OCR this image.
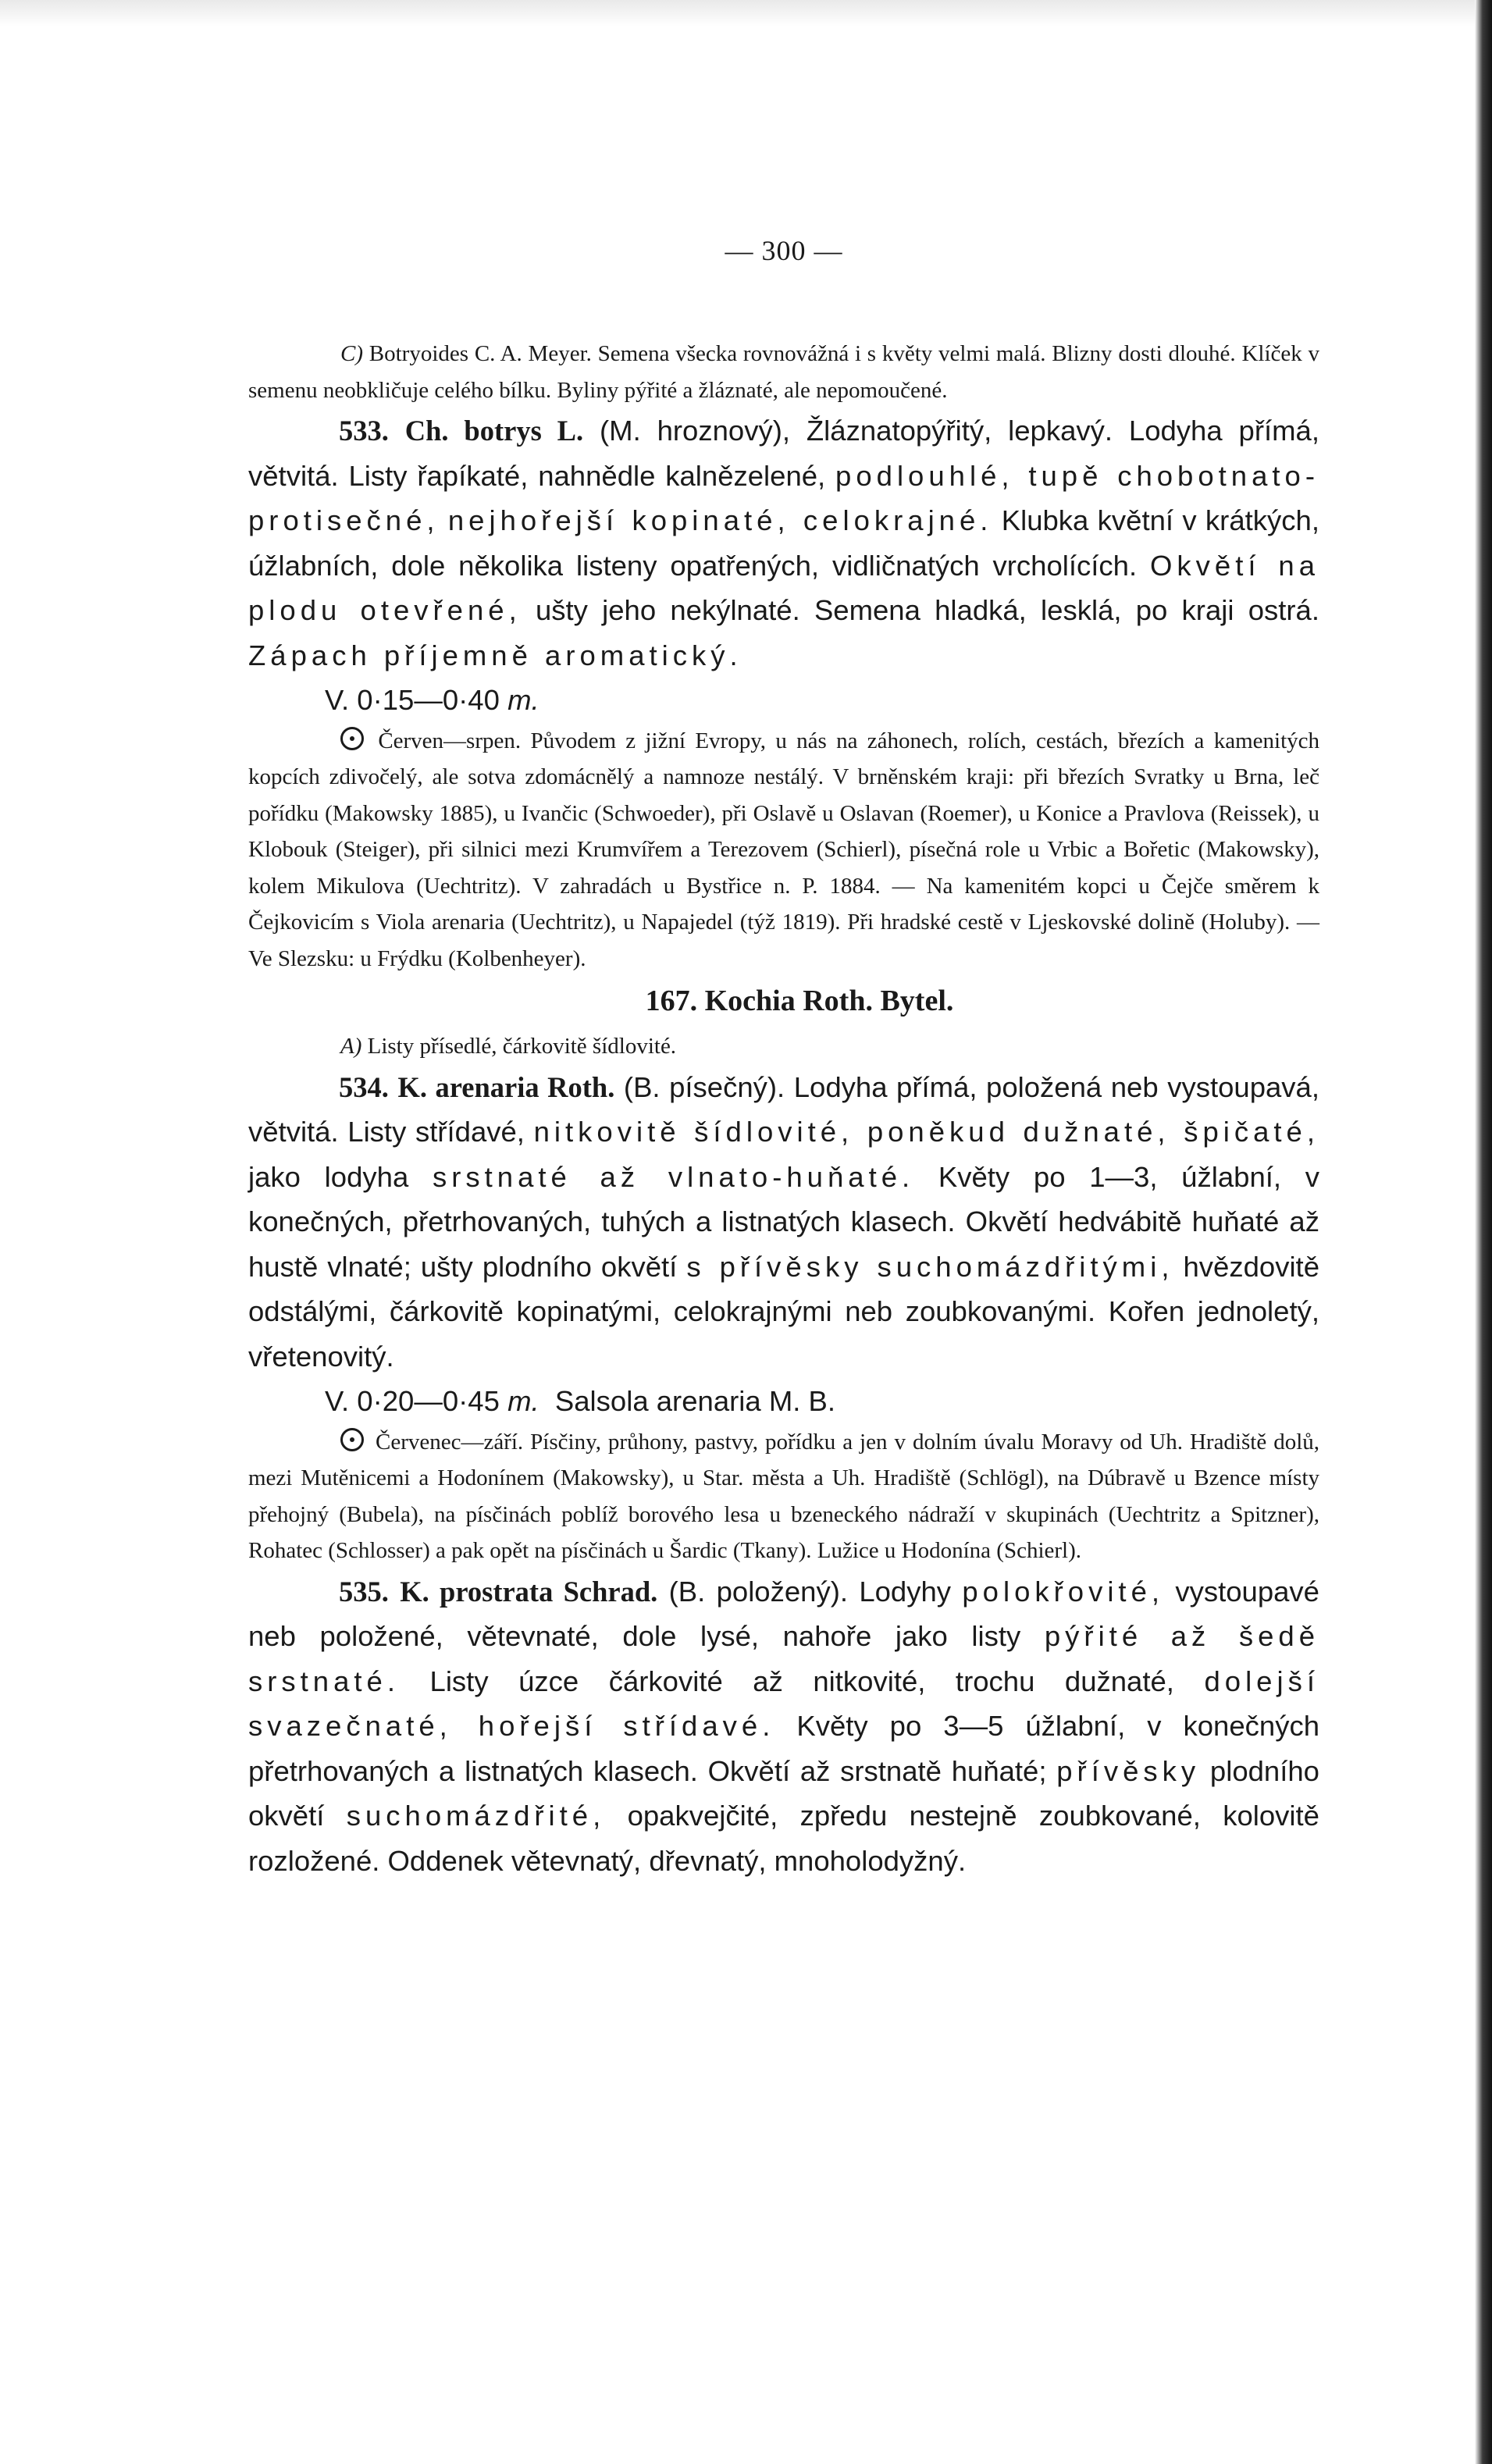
— 300 —

C) Botryoides C. A. Meyer. Semena všecka rovnovážná i s květy velmi malá. Blizny dosti dlouhé. Klíček v semenu neobkličuje celého bílku. Byliny pýřité a žláznaté, ale nepomoučené.

533. Ch. botrys L. (M. hroznový), Žláznatopýřitý, lepkavý. Lodyha přímá, větvitá. Listy řapíkaté, nahnědle kalnězelené, podlouhlé, tupě chobotnato-protisečné, nejhořejší kopinaté, celokrajné. Klubka květní v krátkých, úžlabních, dole několika listeny opatřených, vidličnatých vrcholících. Okvětí na plodu otevřené, ušty jeho nekýlnaté. Semena hladká, lesklá, po kraji ostrá. Zápach příjemně aromatický.

V. 0·15—0·40 m.

Červen—srpen. Původem z jižní Evropy, u nás na záhonech, rolích, cestách, březích a kamenitých kopcích zdivočelý, ale sotva zdomácnělý a namnoze nestálý. V brněnském kraji: při březích Svratky u Brna, leč pořídku (Makowsky 1885), u Ivančic (Schwoeder), při Oslavě u Oslavan (Roemer), u Konice a Pravlova (Reissek), u Klobouk (Steiger), při silnici mezi Krumvířem a Terezovem (Schierl), písečná role u Vrbic a Bořetic (Makowsky), kolem Mikulova (Uechtritz). V zahradách u Bystřice n. P. 1884. — Na kamenitém kopci u Čejče směrem k Čejkovicím s Viola arenaria (Uechtritz), u Napajedel (týž 1819). Při hradské cestě v Ljeskovské dolině (Holuby). — Ve Slezsku: u Frýdku (Kolbenheyer).

167. Kochia Roth. Bytel.

A) Listy přísedlé, čárkovitě šídlovité.

534. K. arenaria Roth. (B. písečný). Lodyha přímá, položená neb vystoupavá, větvitá. Listy střídavé, nitkovitě šídlovité, poněkud dužnaté, špičaté, jako lodyha srstnaté až vlnato-huňaté. Květy po 1—3, úžlabní, v konečných, přetrhovaných, tuhých a listnatých klasech. Okvětí hedvábitě huňaté až hustě vlnaté; ušty plodního okvětí s přívěsky suchomázdřitými, hvězdovitě odstálými, čárkovitě kopinatými, celokrajnými neb zoubkovanými. Kořen jednoletý, vřetenovitý.

V. 0·20—0·45 m. Salsola arenaria M. B.

Červenec—září. Písčiny, průhony, pastvy, pořídku a jen v dolním úvalu Moravy od Uh. Hradiště dolů, mezi Mutěnicemi a Hodonínem (Makowsky), u Star. města a Uh. Hradiště (Schlögl), na Dúbravě u Bzence místy přehojný (Bubela), na písčinách poblíž borového lesa u bzeneckého nádraží v skupinách (Uechtritz a Spitzner), Rohatec (Schlosser) a pak opět na písčinách u Šardic (Tkany). Lužice u Hodonína (Schierl).

535. K. prostrata Schrad. (B. položený). Lodyhy polokřovité, vystoupavé neb položené, větevnaté, dole lysé, nahoře jako listy pýřité až šedě srstnaté. Listy úzce čárkovité až nitkovité, trochu dužnaté, dolejší svazečnaté, hořejší střídavé. Květy po 3—5 úžlabní, v konečných přetrhovaných a listnatých klasech. Okvětí až srstnatě huňaté; přívěsky plodního okvětí suchomázdřité, opakvejčité, zpředu nestejně zoubkované, kolovitě rozložené. Oddenek větevnatý, dřevnatý, mnoholodyžný.
